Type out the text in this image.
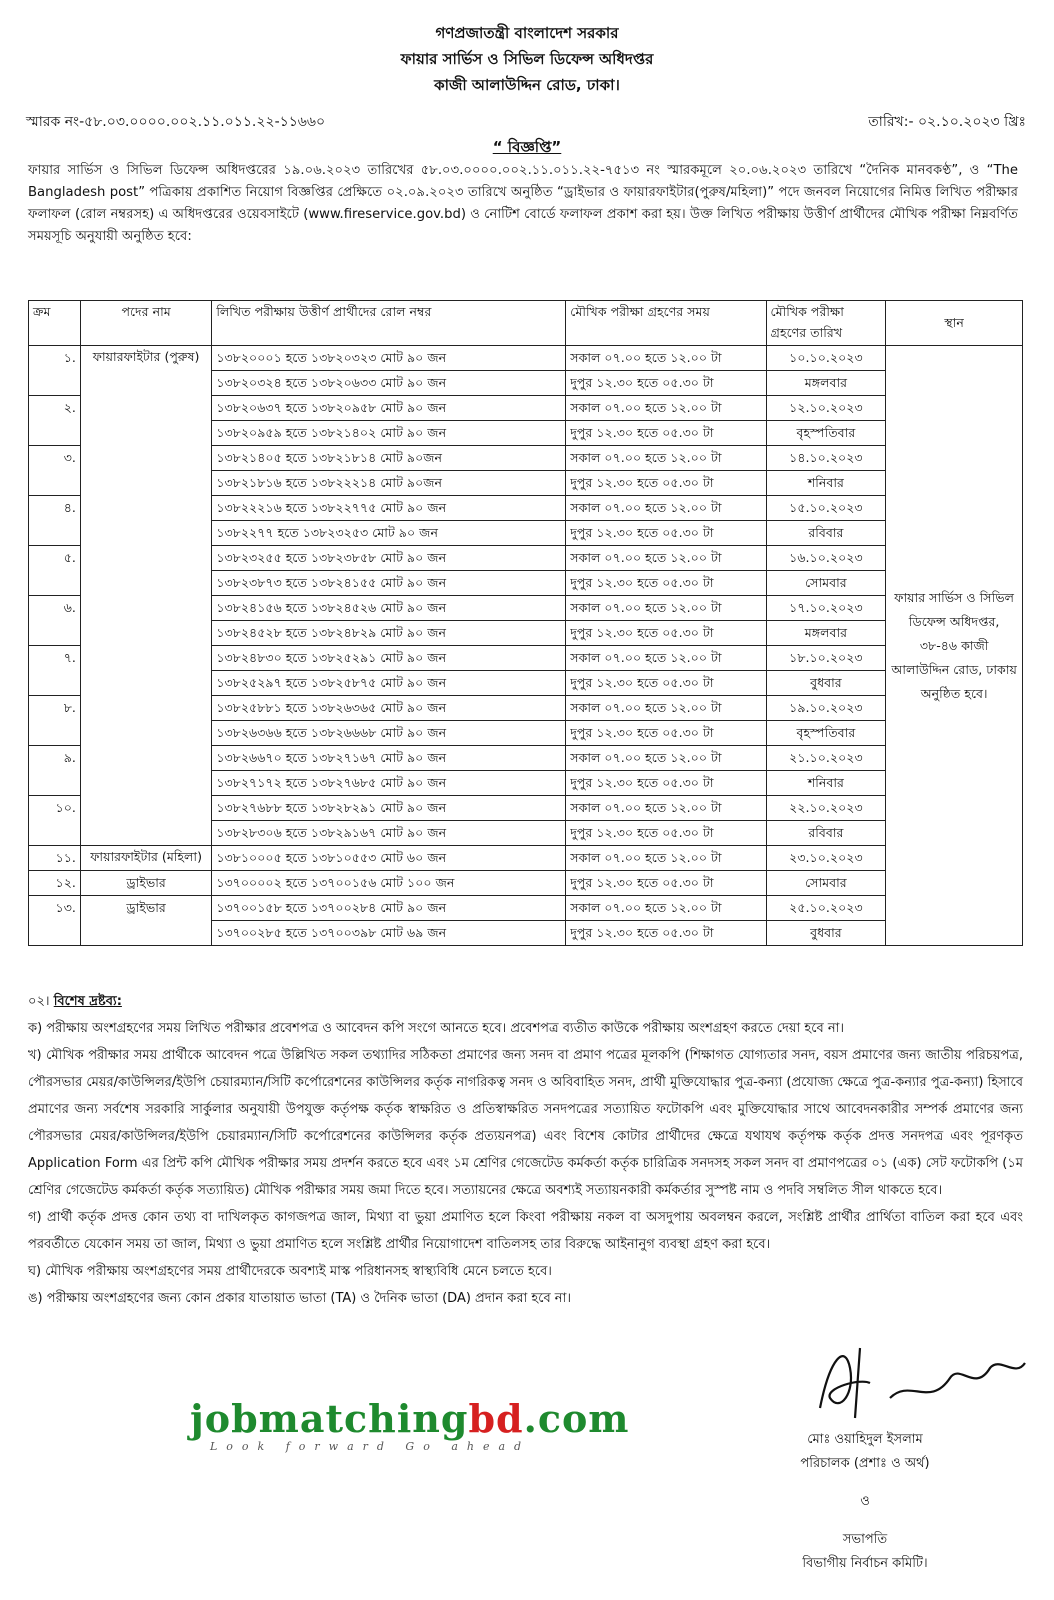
গণপ্রজাতন্ত্রী বাংলাদেশ সরকার
ফায়ার সার্ভিস ও সিভিল ডিফেন্স অধিদপ্তর
কাজী আলাউদ্দিন রোড, ঢাকা।
স্মারক নং-৫৮.০৩.০০০০.০০২.১১.০১১.২২-১১৬৬০	তারিখ:- ০২.১০.২০২৩ খ্রিঃ
“ বিজ্ঞপ্তি”
ফায়ার সার্ভিস ও সিভিল ডিফেন্স অধিদপ্তরের ১৯.০৬.২০২৩ তারিখের ৫৮.০৩.০০০০.০০২.১১.০১১.২২-৭৫১৩ নং স্মারকমূলে ২০.০৬.২০২৩ তারিখে “দৈনিক মানবকণ্ঠ”, ও “The Bangladesh post” পত্রিকায় প্রকাশিত নিয়োগ বিজ্ঞপ্তির প্রেক্ষিতে ০২.০৯.২০২৩ তারিখে অনুষ্ঠিত “ড্রাইভার ও ফায়ারফাইটার(পুরুষ/মহিলা)” পদে জনবল নিয়োগের নিমিত্ত লিখিত পরীক্ষার ফলাফল (রোল নম্বরসহ) এ অধিদপ্তরের ওয়েবসাইটে (www.fireservice.gov.bd) ও নোটিশ বোর্ডে ফলাফল প্রকাশ করা হয়। উক্ত লিখিত পরীক্ষায় উত্তীর্ণ প্রার্থীদের মৌখিক পরীক্ষা নিম্নবর্ণিত সময়সূচি অনুযায়ী অনুষ্ঠিত হবে:
ক্রম	পদের নাম	লিখিত পরীক্ষায় উত্তীর্ণ প্রার্থীদের রোল নম্বর	মৌখিক পরীক্ষা গ্রহণের সময়	মৌখিক পরীক্ষা গ্রহণের তারিখ	স্থান
১.	ফায়ারফাইটার (পুরুষ)	১৩৮২০০০১ হতে ১৩৮২০৩২৩ মোট ৯০ জন	সকাল ০৭.০০ হতে ১২.০০ টা	১০.১০.২০২৩	ফায়ার সার্ভিস ও সিভিল ডিফেন্স অধিদপ্তর, ৩৮-৪৬ কাজী আলাউদ্দিন রোড, ঢাকায় অনুষ্ঠিত হবে।
		১৩৮২০৩২৪ হতে ১৩৮২০৬৩৩ মোট ৯০ জন	দুপুর ১২.৩০ হতে ০৫.৩০ টা	মঙ্গলবার	
২.		১৩৮২০৬৩৭ হতে ১৩৮২০৯৫৮ মোট ৯০ জন	সকাল ০৭.০০ হতে ১২.০০ টা	১২.১০.২০২৩	
		১৩৮২০৯৫৯ হতে ১৩৮২১৪০২ মোট ৯০ জন	দুপুর ১২.৩০ হতে ০৫.৩০ টা	বৃহস্পতিবার	
৩.		১৩৮২১৪০৫ হতে ১৩৮২১৮১৪ মোট ৯০জন	সকাল ০৭.০০ হতে ১২.০০ টা	১৪.১০.২০২৩	
		১৩৮২১৮১৬ হতে ১৩৮২২২১৪ মোট ৯০জন	দুপুর ১২.৩০ হতে ০৫.৩০ টা	শনিবার	
৪.		১৩৮২২২১৬ হতে ১৩৮২২৭৭৫ মোট ৯০ জন	সকাল ০৭.০০ হতে ১২.০০ টা	১৫.১০.২০২৩	
		১৩৮২২৭৭ হতে ১৩৮২৩২৫৩ মোট ৯০ জন	দুপুর ১২.৩০ হতে ০৫.৩০ টা	রবিবার	
৫.		১৩৮২৩২৫৫ হতে ১৩৮২৩৮৫৮ মোট ৯০ জন	সকাল ০৭.০০ হতে ১২.০০ টা	১৬.১০.২০২৩	
		১৩৮২৩৮৭৩ হতে ১৩৮২৪১৫৫ মোট ৯০ জন	দুপুর ১২.৩০ হতে ০৫.৩০ টা	সোমবার	
৬.		১৩৮২৪১৫৬ হতে ১৩৮২৪৫২৬ মোট ৯০ জন	সকাল ০৭.০০ হতে ১২.০০ টা	১৭.১০.২০২৩	
		১৩৮২৪৫২৮ হতে ১৩৮২৪৮২৯ মোট ৯০ জন	দুপুর ১২.৩০ হতে ০৫.৩০ টা	মঙ্গলবার	
৭.		১৩৮২৪৮৩০ হতে ১৩৮২৫২৯১ মোট ৯০ জন	সকাল ০৭.০০ হতে ১২.০০ টা	১৮.১০.২০২৩	
		১৩৮২৫২৯৭ হতে ১৩৮২৫৮৭৫ মোট ৯০ জন	দুপুর ১২.৩০ হতে ০৫.৩০ টা	বুধবার	
৮.		১৩৮২৫৮৮১ হতে ১৩৮২৬৩৬৫ মোট ৯০ জন	সকাল ০৭.০০ হতে ১২.০০ টা	১৯.১০.২০২৩	
		১৩৮২৬৩৬৬ হতে ১৩৮২৬৬৬৮ মোট ৯০ জন	দুপুর ১২.৩০ হতে ০৫.৩০ টা	বৃহস্পতিবার	
৯.		১৩৮২৬৬৭০ হতে ১৩৮২৭১৬৭ মোট ৯০ জন	সকাল ০৭.০০ হতে ১২.০০ টা	২১.১০.২০২৩	
		১৩৮২৭১৭২ হতে ১৩৮২৭৬৮৫ মোট ৯০ জন	দুপুর ১২.৩০ হতে ০৫.৩০ টা	শনিবার	
১০.		১৩৮২৭৬৮৮ হতে ১৩৮২৮২৯১ মোট ৯০ জন	সকাল ০৭.০০ হতে ১২.০০ টা	২২.১০.২০২৩	
		১৩৮২৮৩০৬ হতে ১৩৮২৯১৬৭ মোট ৯০ জন	দুপুর ১২.৩০ হতে ০৫.৩০ টা	রবিবার	
১১.	ফায়ারফাইটার (মহিলা)	১৩৮১০০০৫ হতে ১৩৮১০৫৫৩ মোট ৬০ জন	সকাল ০৭.০০ হতে ১২.০০ টা	২৩.১০.২০২৩	
১২.	ড্রাইভার	১৩৭০০০০২ হতে ১৩৭০০১৫৬ মোট ১০০ জন	দুপুর ১২.৩০ হতে ০৫.৩০ টা	সোমবার	
১৩.	ড্রাইভার	১৩৭০০১৫৮ হতে ১৩৭০০২৮৪ মোট ৯০ জন	সকাল ০৭.০০ হতে ১২.০০ টা	২৫.১০.২০২৩	
		১৩৭০০২৮৫ হতে ১৩৭০০৩৯৮ মোট ৬৯ জন	দুপুর ১২.৩০ হতে ০৫.৩০ টা	বুধবার	

০২। বিশেষ দ্রষ্টব্য:

ক) পরীক্ষায় অংশগ্রহণের সময় লিখিত পরীক্ষার প্রবেশপত্র ও আবেদন কপি সংগে আনতে হবে। প্রবেশপত্র ব্যতীত কাউকে পরীক্ষায় অংশগ্রহণ করতে দেয়া হবে না।

খ) মৌখিক পরীক্ষার সময় প্রার্থীকে আবেদন পত্রে উল্লিখিত সকল তথ্যাদির সঠিকতা প্রমাণের জন্য সনদ বা প্রমাণ পত্রের মূলকপি (শিক্ষাগত যোগ্যতার সনদ, বয়স প্রমাণের জন্য জাতীয় পরিচয়পত্র, পৌরসভার মেয়র/কাউন্সিলর/ইউপি চেয়ারম্যান/সিটি কর্পোরেশনের কাউন্সিলর কর্তৃক নাগরিকত্ব সনদ ও অবিবাহিত সনদ, প্রার্থী মুক্তিযোদ্ধার পুত্র-কন্যা (প্রযোজ্য ক্ষেত্রে পুত্র-কন্যার পুত্র-কন্যা) হিসাবে প্রমাণের জন্য সর্বশেষ সরকারি সার্কুলার অনুযায়ী উপযুক্ত কর্তৃপক্ষ কর্তৃক স্বাক্ষরিত ও প্রতিস্বাক্ষরিত সনদপত্রের সত্যায়িত ফটোকপি এবং মুক্তিযোদ্ধার সাথে আবেদনকারীর সম্পর্ক প্রমাণের জন্য পৌরসভার মেয়র/কাউন্সিলর/ইউপি চেয়ারম্যান/সিটি কর্পোরেশনের কাউন্সিলর কর্তৃক প্রত্যয়নপত্র) এবং বিশেষ কোটার প্রার্থীদের ক্ষেত্রে যথাযথ কর্তৃপক্ষ কর্তৃক প্রদত্ত সনদপত্র এবং পূরণকৃত Application Form এর প্রিন্ট কপি মৌখিক পরীক্ষার সময় প্রদর্শন করতে হবে এবং ১ম শ্রেণির গেজেটেড কর্মকর্তা কর্তৃক চারিত্রিক সনদসহ সকল সনদ বা প্রমাণপত্রের ০১ (এক) সেট ফটোকপি (১ম শ্রেণির গেজেটেড কর্মকর্তা কর্তৃক সত্যায়িত) মৌখিক পরীক্ষার সময় জমা দিতে হবে। সত্যায়নের ক্ষেত্রে অবশ্যই সত্যায়নকারী কর্মকর্তার সুস্পষ্ট নাম ও পদবি সম্বলিত সীল থাকতে হবে।

গ) প্রার্থী কর্তৃক প্রদত্ত কোন তথ্য বা দাখিলকৃত কাগজপত্র জাল, মিথ্যা বা ভুয়া প্রমাণিত হলে কিংবা পরীক্ষায় নকল বা অসদুপায় অবলম্বন করলে, সংশ্লিষ্ট প্রার্থীর প্রার্থিতা বাতিল করা হবে এবং পরবর্তীতে যেকোন সময় তা জাল, মিথ্যা ও ভুয়া প্রমাণিত হলে সংশ্লিষ্ট প্রার্থীর নিয়োগাদেশ বাতিলসহ তার বিরুদ্ধে আইনানুগ ব্যবস্থা গ্রহণ করা হবে।

ঘ) মৌখিক পরীক্ষায় অংশগ্রহণের সময় প্রার্থীদেরকে অবশ্যই মাস্ক পরিধানসহ স্বাস্থ্যবিধি মেনে চলতে হবে।

ঙ) পরীক্ষায় অংশগ্রহণের জন্য কোন প্রকার যাতায়াত ভাতা (TA) ও দৈনিক ভাতা (DA) প্রদান করা হবে না।

jobmatchingbd.com
Look forward Go ahead	মোঃ ওয়াহিদুল ইসলাম
পরিচালক (প্রশাঃ ও অর্থ)
ও
সভাপতি
বিভাগীয় নির্বাচন কমিটি।
